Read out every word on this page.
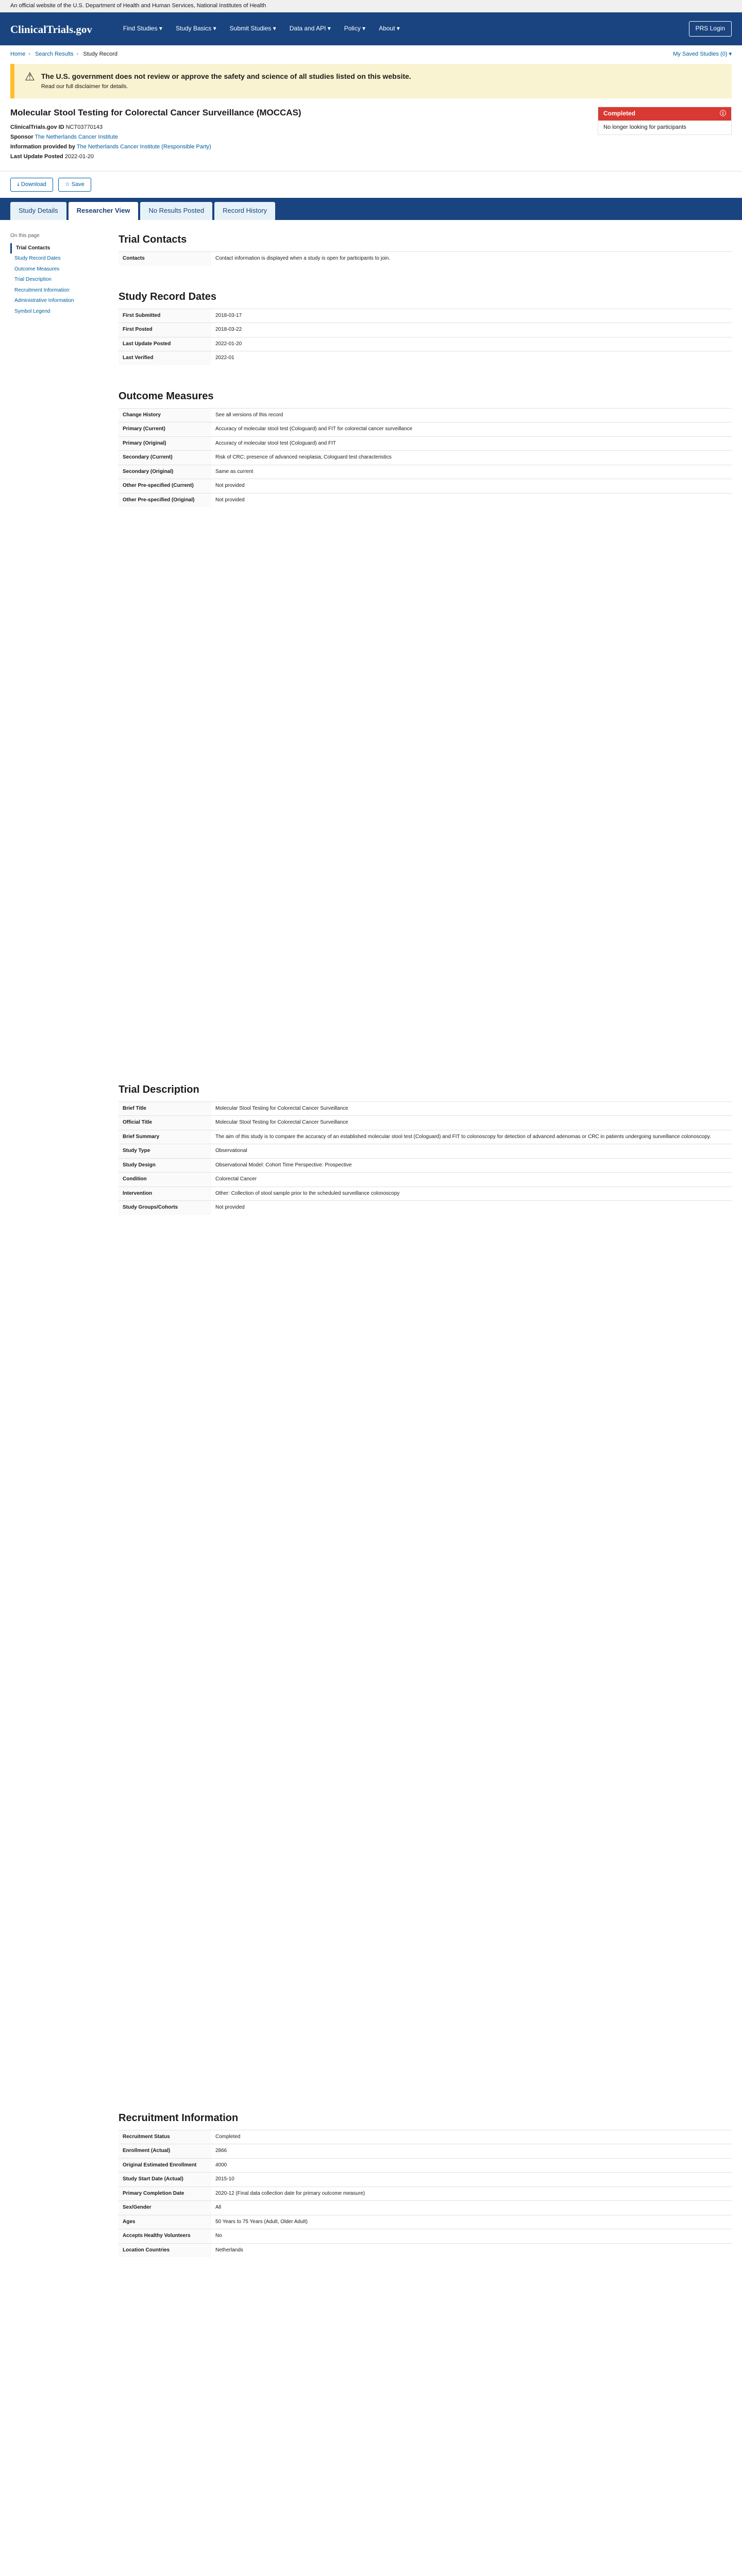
An official website of the U.S. Department of Health and Human Services, National Institutes of Health
ClinicalTrials.gov	Find Studies ▾ Study Basics ▾ Submit Studies ▾ Data and API ▾ Policy ▾ About ▾	PRS Login
Home › Search Results › Study Record	My Saved Studies (0) ▾
⚠ The U.S. government does not review or approve the safety and science of all studies listed on this website.
Read our full disclaimer for details.
Molecular Stool Testing for Colorectal Cancer Surveillance (MOCCAS)
ClinicalTrials.gov ID NCT03770143
Sponsor The Netherlands Cancer Institute
Information provided by The Netherlands Cancer Institute (Responsible Party)
Last Update Posted 2022-01-20
Completed	ⓘ
No longer looking for participants
⤓ Download	☆ Save
Study Details	Researcher View	No Results Posted	Record History
On this page
Trial Contacts
Study Record Dates
Outcome Measures
Trial Description
Recruitment Information
Administrative Information
Symbol Legend
Trial Contacts
Contacts	Contact information is displayed when a study is open for participants to join.
Study Record Dates
First Submitted	2018-03-17
First Posted	2018-03-22
Last Update Posted	2022-01-20
Last Verified	2022-01
Outcome Measures
Change History	See all versions of this record
Primary (Current)	Accuracy of molecular stool test (Cologuard) and FIT for colorectal cancer surveillance
Primary (Original)	Accuracy of molecular stool test (Cologuard) and FIT
Secondary (Current)	Risk of CRC; presence of advanced neoplasia; Cologuard test characteristics
Secondary (Original)	Same as current
Other Pre-specified (Current)	Not provided
Other Pre-specified (Original)	Not provided
Trial Description
Brief Title	Molecular Stool Testing for Colorectal Cancer Surveillance
Official Title	Molecular Stool Testing for Colorectal Cancer Surveillance
Brief Summary	The aim of this study is to compare the accuracy of an established molecular stool test (Cologuard) and FIT to colonoscopy for detection of advanced adenomas or CRC in patients undergoing surveillance colonoscopy.
Study Type	Observational
Study Design	Observational Model: Cohort Time Perspective: Prospective
Condition	Colorectal Cancer
Intervention	Other: Collection of stool sample prior to the scheduled surveillance colonoscopy
Study Groups/Cohorts	Not provided
Recruitment Information
Recruitment Status	Completed
Enrollment (Actual)	2866
Original Estimated Enrollment	4000
Study Start Date (Actual)	2015-10
Primary Completion Date	2020-12 (Final data collection date for primary outcome measure)
Sex/Gender	All
Ages	50 Years to 75 Years (Adult, Older Adult)
Accepts Healthy Volunteers	No
Location Countries	Netherlands
